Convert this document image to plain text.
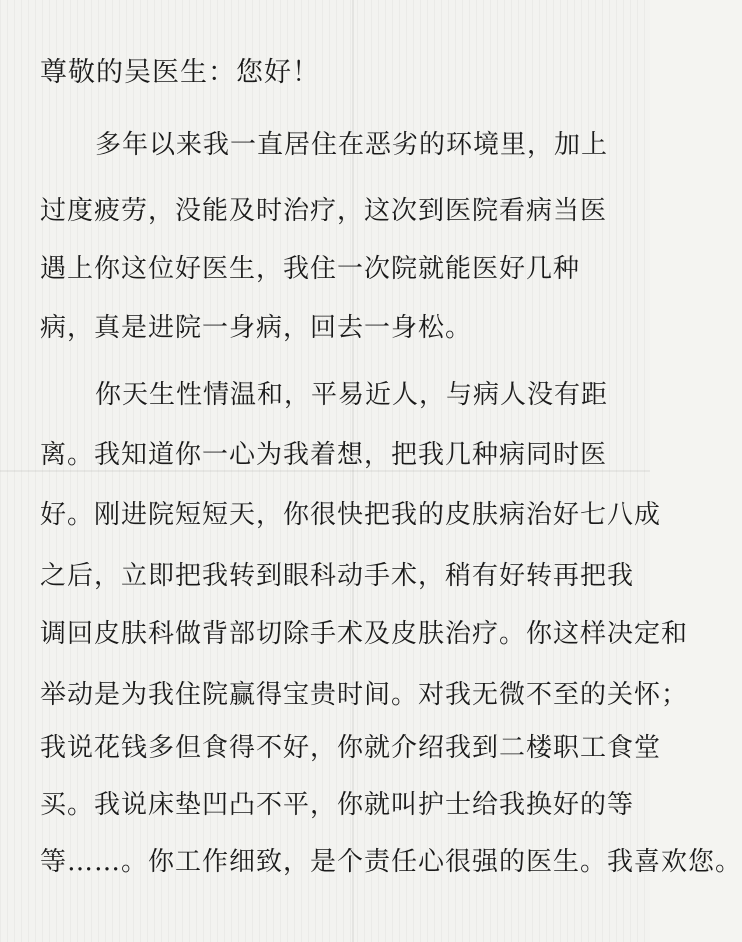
尊敬的吴医生：您好！
多年以来我一直居住在恶劣的环境里，加上
过度疲劳，没能及时治疗，这次到医院看病当医
遇上你这位好医生，我住一次院就能医好几种
病，真是进院一身病，回去一身松。
你天生性情温和，平易近人，与病人没有距
离。我知道你一心为我着想，把我几种病同时医
好。刚进院短短天，你很快把我的皮肤病治好七八成
之后，立即把我转到眼科动手术，稍有好转再把我
调回皮肤科做背部切除手术及皮肤治疗。你这样决定和
举动是为我住院赢得宝贵时间。对我无微不至的关怀；
我说花钱多但食得不好，你就介绍我到二楼职工食堂
买。我说床垫凹凸不平，你就叫护士给我换好的等
等……。你工作细致，是个责任心很强的医生。我喜欢您。
